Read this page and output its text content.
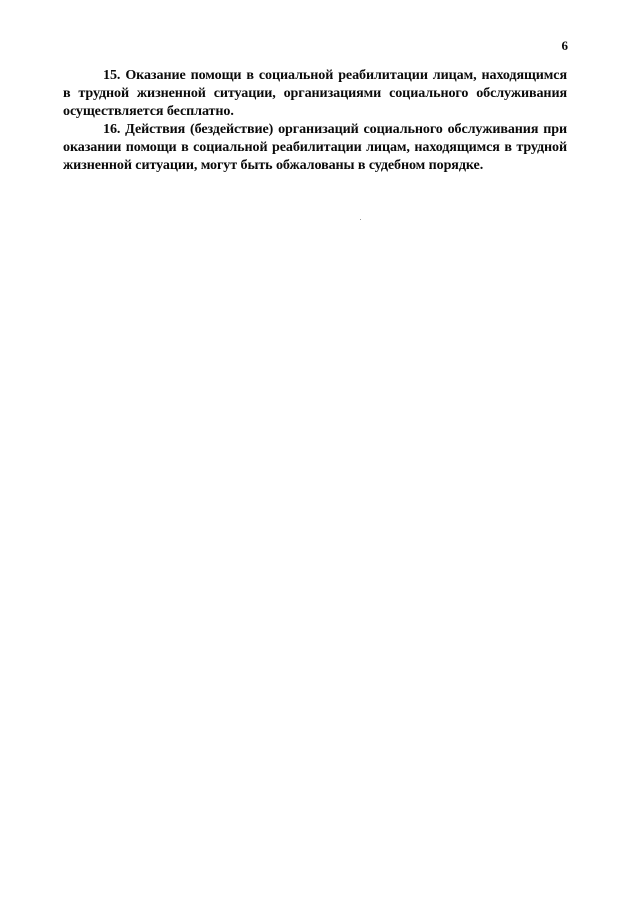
6

15. Оказание помощи в социальной реабилитации лицам, находящимся в трудной жизненной ситуации, организациями социального обслуживания осуществляется бесплатно.

16. Действия (бездействие) организаций социального обслуживания при оказании помощи в социальной реабилитации лицам, находящимся в трудной жизненной ситуации, могут быть обжалованы в судебном порядке.
